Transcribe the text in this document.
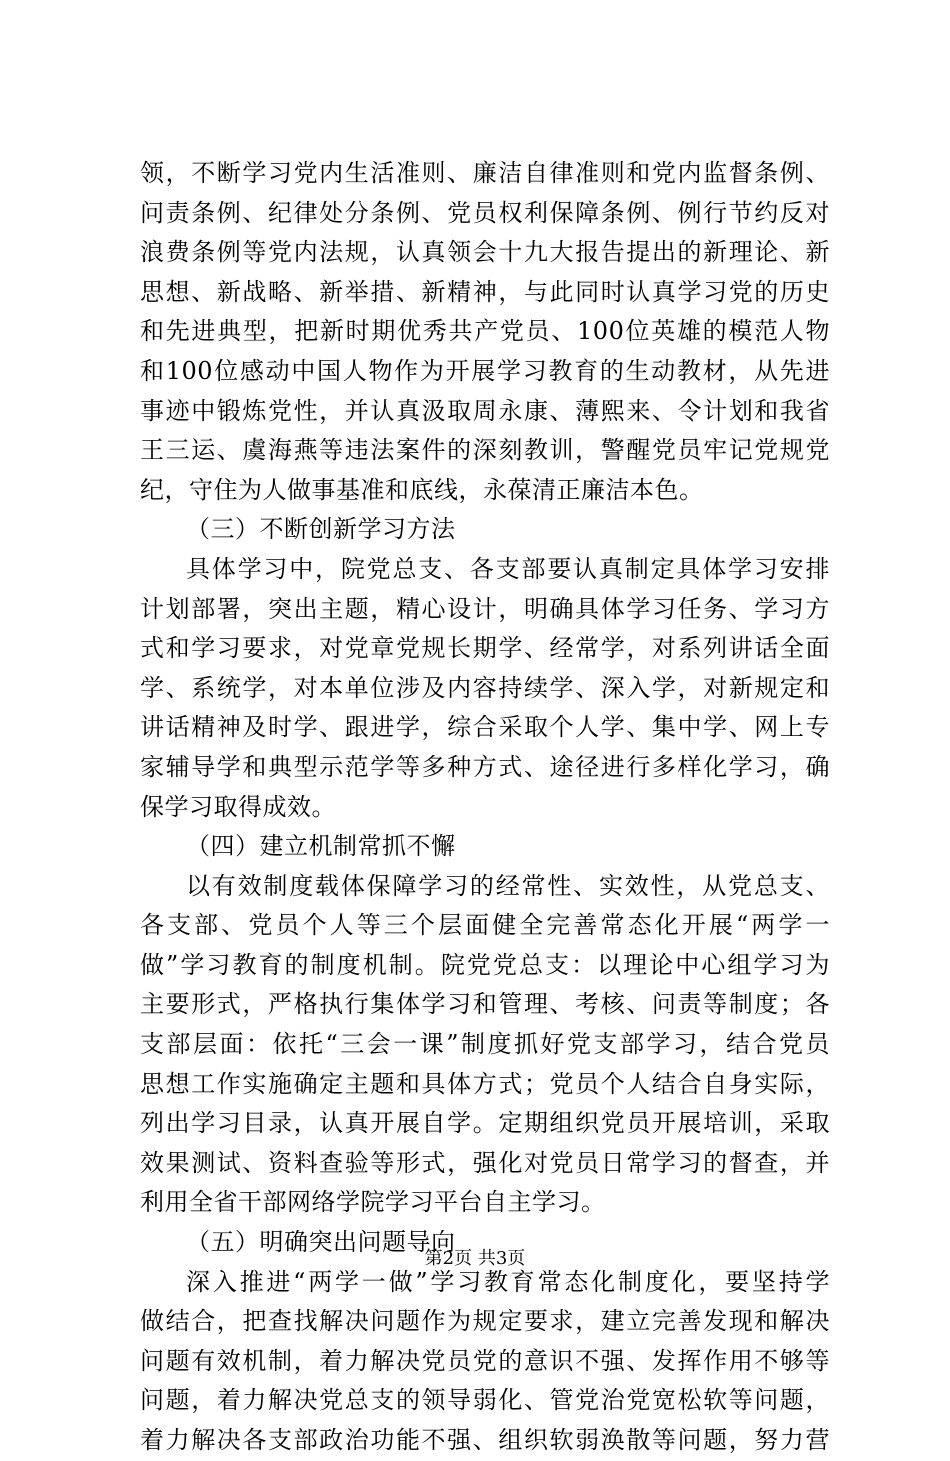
领，不断学习党内生活准则、廉洁自律准则和党内监督条例、
问责条例、纪律处分条例、党员权利保障条例、例行节约反对
浪费条例等党内法规，认真领会十九大报告提出的新理论、新
思想、新战略、新举措、新精神，与此同时认真学习党的历史
和先进典型，把新时期优秀共产党员、100位英雄的模范人物
和100位感动中国人物作为开展学习教育的生动教材，从先进
事迹中锻炼党性，并认真汲取周永康、薄熙来、令计划和我省
王三运、虞海燕等违法案件的深刻教训，警醒党员牢记党规党
纪，守住为人做事基准和底线，永葆清正廉洁本色。
（三）不断创新学习方法
具体学习中，院党总支、各支部要认真制定具体学习安排
计划部署，突出主题，精心设计，明确具体学习任务、学习方
式和学习要求，对党章党规长期学、经常学，对系列讲话全面
学、系统学，对本单位涉及内容持续学、深入学，对新规定和
讲话精神及时学、跟进学，综合采取个人学、集中学、网上专
家辅导学和典型示范学等多种方式、途径进行多样化学习，确
保学习取得成效。
（四）建立机制常抓不懈
以有效制度载体保障学习的经常性、实效性，从党总支、
各支部、党员个人等三个层面健全完善常态化开展“两学一
做”学习教育的制度机制。院党党总支：以理论中心组学习为
主要形式，严格执行集体学习和管理、考核、问责等制度；各
支部层面：依托“三会一课”制度抓好党支部学习，结合党员
思想工作实施确定主题和具体方式；党员个人结合自身实际，
列出学习目录，认真开展自学。定期组织党员开展培训，采取
效果测试、资料查验等形式，强化对党员日常学习的督查，并
利用全省干部网络学院学习平台自主学习。
（五）明确突出问题导向
深入推进“两学一做”学习教育常态化制度化，要坚持学
做结合，把查找解决问题作为规定要求，建立完善发现和解决
问题有效机制，着力解决党员党的意识不强、发挥作用不够等
问题，着力解决党总支的领导弱化、管党治党宽松软等问题，
着力解决各支部政治功能不强、组织软弱涣散等问题，努力营
第2页 共3页
